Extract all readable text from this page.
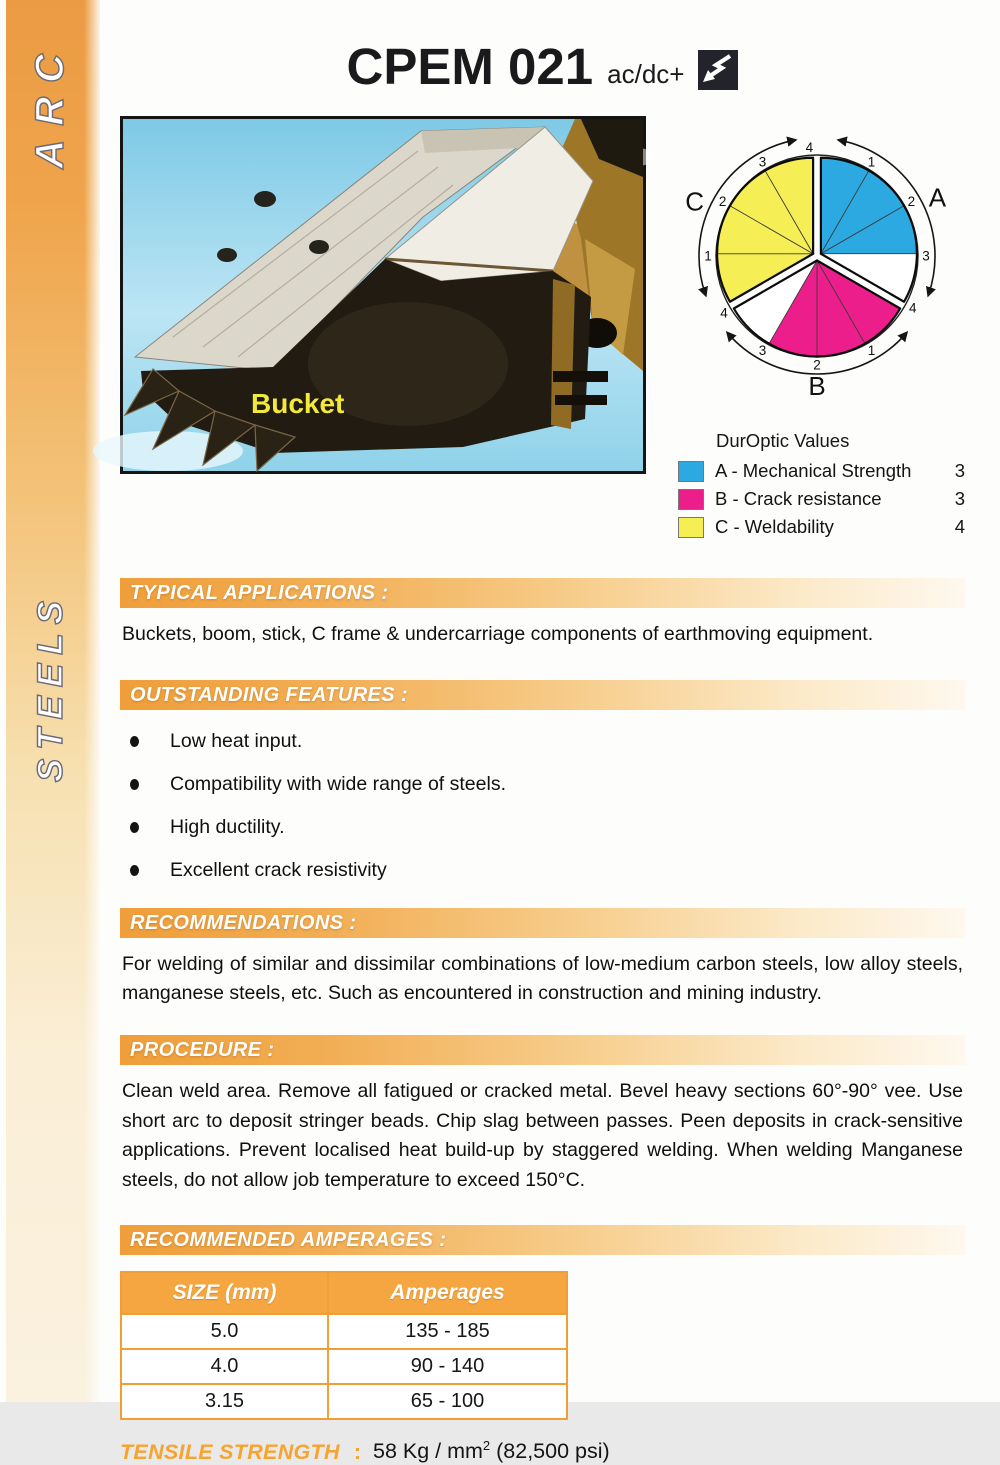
ARC
STEELS
CPEM 021 ac/dc+
Bucket
1
2
3
4
A
1
2
3
4
B
1
2
3
4
C
DurOptic Values
A - Mechanical Strength	3
B - Crack resistance	3
C - Weldability	4
TYPICAL APPLICATIONS :

Buckets, boom, stick, C frame & undercarriage components of earthmoving equipment.

OUTSTANDING FEATURES :
Low heat input.
Compatibility with wide range of steels.
High ductility.
Excellent crack resistivity
RECOMMENDATIONS :

For welding of similar and dissimilar combinations of low-medium carbon steels, low alloy steels, manganese steels, etc. Such as encountered in construction and mining industry.

PROCEDURE :

Clean weld area. Remove all fatigued or cracked metal. Bevel heavy sections 60°-90° vee. Use short arc to deposit stringer beads. Chip slag between passes. Peen deposits in crack-sensitive applications. Prevent localised heat build-up by staggered welding. When welding Manganese steels, do not allow job temperature to exceed 150°C.

RECOMMENDED AMPERAGES :
SIZE (mm)	Amperages
5.0	135 - 185
4.0	90 - 140
3.15	65 - 100
TENSILE STRENGTH : 58 Kg / $mm^2$ (82,500 psi)
